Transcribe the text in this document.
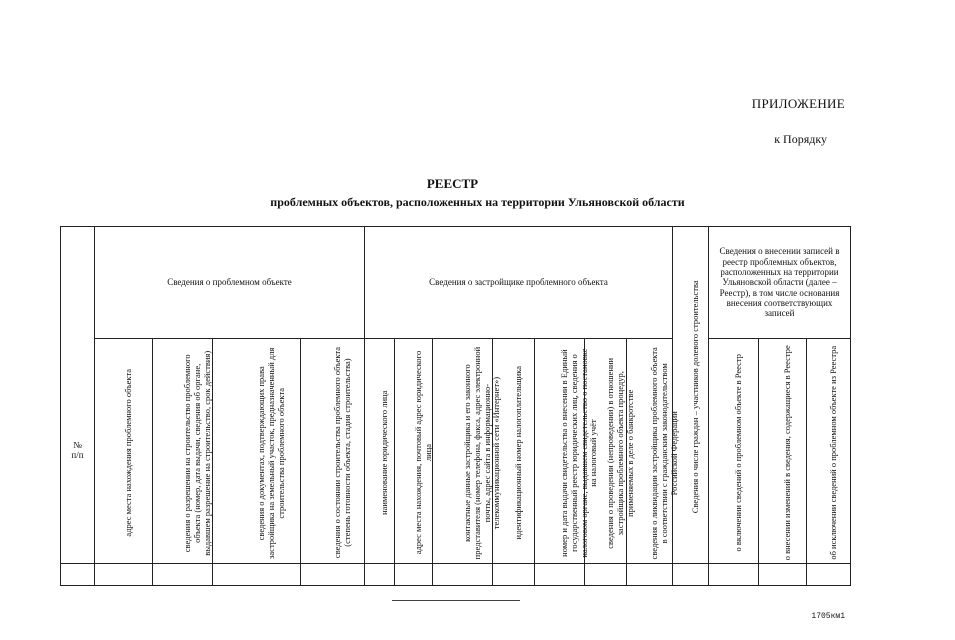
ПРИЛОЖЕНИЕ
к Порядку
РЕЕСТР
проблемных объектов, расположенных на территории Ульяновской области
№
п/п	Сведения о проблемном объекте				Сведения о застройщике проблемного объекта							Сведения о числе граждан – участников долевого строительства	Сведения о внесении записей в реестр проблемных объектов, расположенных на территории Ульяновской области (далее – Реестр), в том числе основания внесения соответствующих записей		

	адрес места нахождения проблемного объекта	сведения о разрешении на строительство проблемного объекта (номер, дата выдачи, сведения об органе, выдавшем разрешение на строительство, срок действия)	сведения о документах, подтверждающих права застройщика на земельный участок, предназначенный для строительства проблемного объекта	сведения о состоянии строительства проблемного объекта (степень готовности объекта, стадия строительства)	наименование юридического лица	адрес места нахождения, почтовый адрес юридического лица	контактные данные застройщика и его законного представителя (номер телефона, факса, адрес электронной почты, адрес сайта в информационно-телекоммуникационной сети «Интернет»)	идентификационный номер налогоплательщика	номер и дата выдачи свидетельства о внесении в Единый государственный реестр юридических лиц, сведения о налоговом органе, выдавшем свидетельство о постановке на налоговый учёт	сведения о проведении (непроведении) в отношении застройщика проблемного объекта процедур, применяемых в деле о банкротстве	сведения о ликвидации застройщика проблемного объекта в соответствии с гражданским законодательством Российской Федерации		о включении сведений о проблемном объекте в Реестр	о внесении изменений в сведения, содержащиеся в Реестре	об исключении сведений о проблемном объекте из Реестра

1705км1
